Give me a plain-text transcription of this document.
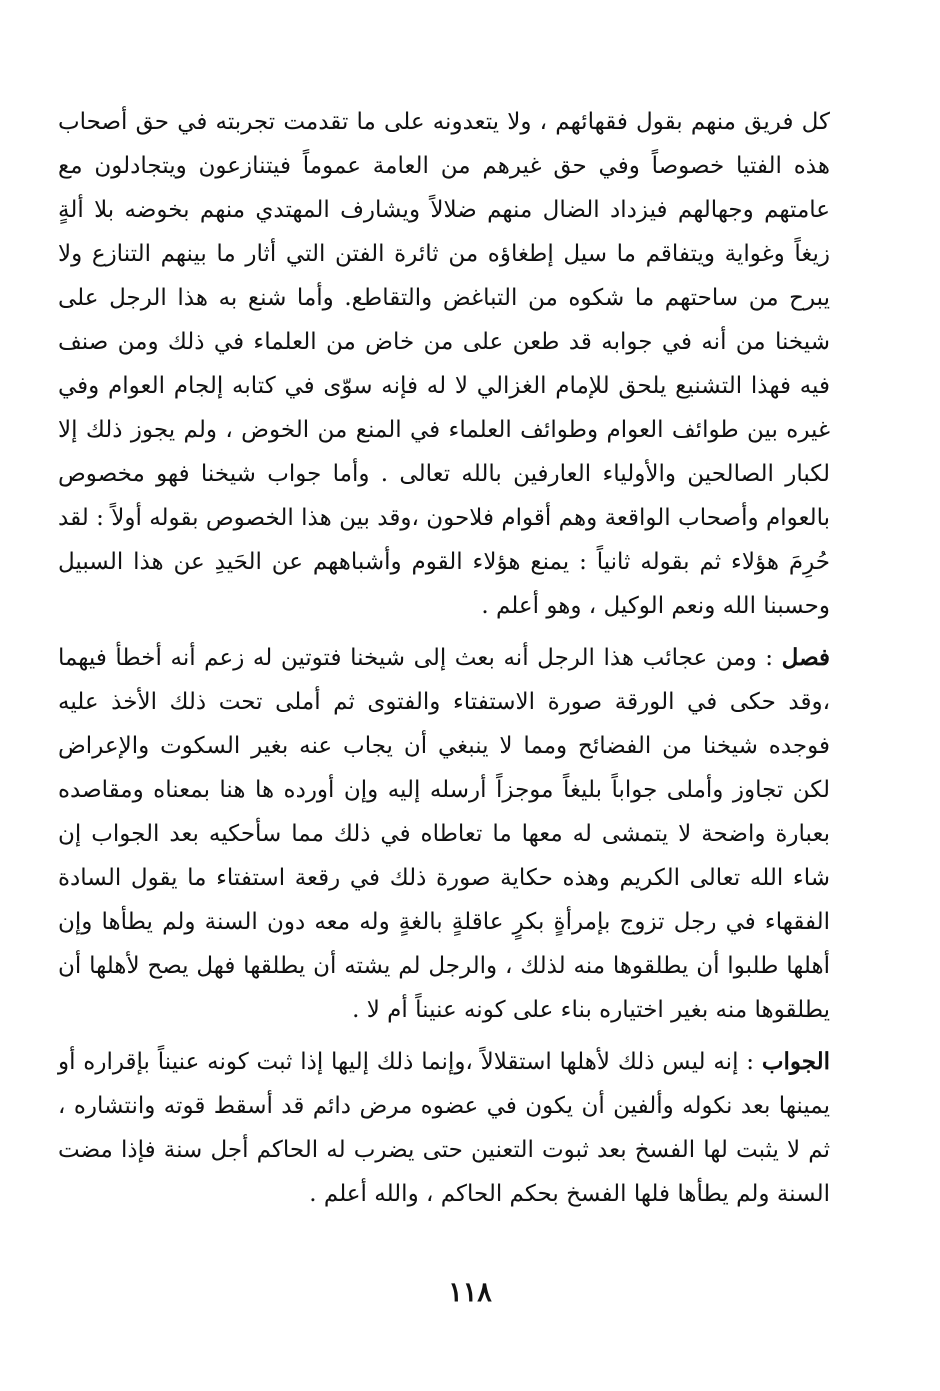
كل فريق منهم بقول فقهائهم ، ولا يتعدونه على ما تقدمت تجربته في حق أصحاب هذه الفتيا خصوصاً وفي حق غيرهم من العامة عموماً فيتنازعون ويتجادلون مع عامتهم وجهالهم فيزداد الضال منهم ضلالاً ويشارف المهتدي منهم بخوضه بلا ألةٍ زيغاً وغواية ويتفاقم ما سيل إطغاؤه من ثائرة الفتن التي أثار ما بينهم التنازع ولا يبرح من ساحتهم ما شكوه من التباغض والتقاطع. وأما شنع به هذا الرجل على شيخنا من أنه في جوابه قد طعن على من خاض من العلماء في ذلك ومن صنف فيه فهذا التشنيع يلحق للإمام الغزالي لا له فإنه سوّى في كتابه إلجام العوام وفي غيره بين طوائف العوام وطوائف العلماء في المنع من الخوض ، ولم يجوز ذلك إلا لكبار الصالحين والأولياء العارفين بالله تعالى . وأما جواب شيخنا فهو مخصوص بالعوام وأصحاب الواقعة وهم أقوام فلاحون ،وقد بين هذا الخصوص بقوله أولاً : لقد حُرِمَ هؤلاء ثم بقوله ثانياً : يمنع هؤلاء القوم وأشباههم عن الحَيدِ عن هذا السبيل وحسبنا الله ونعم الوكيل ، وهو أعلم .

فصل : ومن عجائب هذا الرجل أنه بعث إلى شيخنا فتوتين له زعم أنه أخطأ فيهما ،وقد حكى في الورقة صورة الاستفتاء والفتوى ثم أملى تحت ذلك الأخذ عليه فوجده شيخنا من الفضائح ومما لا ينبغي أن يجاب عنه بغير السكوت والإعراض لكن تجاوز وأملى جواباً بليغاً موجزاً أرسله إليه وإن أورده ها هنا بمعناه ومقاصده بعبارة واضحة لا يتمشى له معها ما تعاطاه في ذلك مما سأحكيه بعد الجواب إن شاء الله تعالى الكريم وهذه حكاية صورة ذلك في رقعة استفتاء ما يقول السادة الفقهاء في رجل تزوج بإمرأةٍ بكرٍ عاقلةٍ بالغةٍ وله معه دون السنة ولم يطأها وإن أهلها طلبوا أن يطلقوها منه لذلك ، والرجل لم يشته أن يطلقها فهل يصح لأهلها أن يطلقوها منه بغير اختياره بناء على كونه عنيناً أم لا .

الجواب : إنه ليس ذلك لأهلها استقلالاً ،وإنما ذلك إليها إذا ثبت كونه عنيناً بإقراره أو يمينها بعد نكوله وألفين أن يكون في عضوه مرض دائم قد أسقط قوته وانتشاره ، ثم لا يثبت لها الفسخ بعد ثبوت التعنين حتى يضرب له الحاكم أجل سنة فإذا مضت السنة ولم يطأها فلها الفسخ بحكم الحاكم ، والله أعلم .

١١٨
